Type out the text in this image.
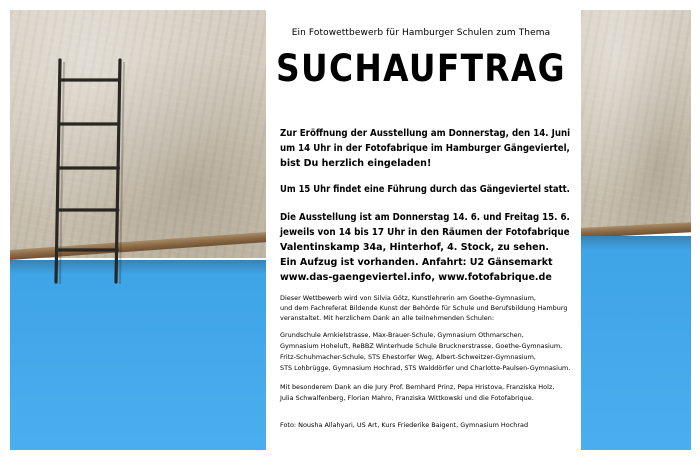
Ein Fotowettbewerb für Hamburger Schulen zum Thema
SUCHAUFTRAG
Zur Eröffnung der Ausstellung am Donnerstag, den 14. Juni
um 14 Uhr in der Fotofabrique im Hamburger Gängeviertel,
bist Du herzlich eingeladen!
Um 15 Uhr findet eine Führung durch das Gängeviertel statt.
Die Ausstellung ist am Donnerstag 14. 6. und Freitag 15. 6.
jeweils von 14 bis 17 Uhr in den Räumen der Fotofabrique
Valentinskamp 34a, Hinterhof, 4. Stock, zu sehen.
Ein Aufzug ist vorhanden. Anfahrt: U2 Gänsemarkt
www.das-gaengeviertel.info, www.fotofabrique.de
Dieser Wettbewerb wird von Silvia Götz, Kunstlehrerin am Goethe-Gymnasium,
und dem Fachreferat Bildende Kunst der Behörde für Schule und Berufsbildung Hamburg
veranstaltet. Mit herzlichem Dank an alle teilnehmenden Schulen:
Grundschule Arnkielstrasse, Max-Brauer-Schule, Gymnasium Othmarschen,
Gymnasium Hoheluft, ReBBZ Winterhude Schule Brucknerstrasse, Goethe-Gymnasium,
Fritz-Schuhmacher-Schule, STS Ehestorfer Weg, Albert-Schweitzer-Gymnasium,
STS Lohbrügge, Gymnasium Hochrad, STS Walddörfer und Charlotte-Paulsen-Gymnasium.
Mit besonderem Dank an die Jury Prof. Bernhard Prinz, Pepa Hristova, Franziska Holz,
Julia Schwalfenberg, Florian Mahro, Franziska Wittkowski und die Fotofabrique.
Foto: Nousha Allahyari, US Art, Kurs Friederike Baigent, Gymnasium Hochrad
